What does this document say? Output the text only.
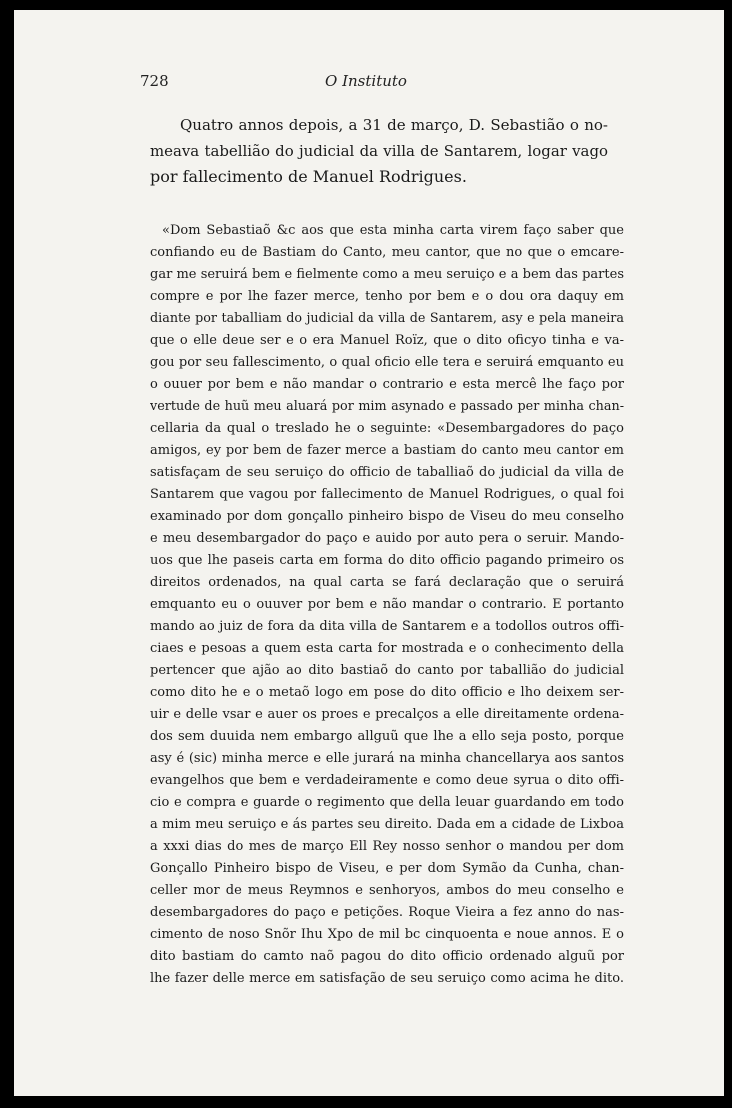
728	O Instituto

Quatro annos depois, a 31 de março, D. Sebastião o no-
meava tabellião do judicial da villa de Santarem, logar vago
por fallecimento de Manuel Rodrigues.

«Dom Sebastiaõ &c aos que esta minha carta virem faço saber que
confiando eu de Bastiam do Canto, meu cantor, que no que o emcare-
gar me seruirá bem e fielmente como a meu seruiço e a bem das partes
compre e por lhe fazer merce, tenho por bem e o dou ora daquy em
diante por taballiam do judicial da villa de Santarem, asy e pela maneira
que o elle deue ser e o era Manuel Roïz, que o dito oficyo tinha e va-
gou por seu fallescimento, o qual oficio elle tera e seruirá emquanto eu
o ouuer por bem e não mandar o contrario e esta mercê lhe faço por
vertude de huũ meu aluará por mim asynado e passado per minha chan-
cellaria da qual o treslado he o seguinte: «Desembargadores do paço
amigos, ey por bem de fazer merce a bastiam do canto meu cantor em
satisfaçam de seu seruiço do officio de taballiaõ do judicial da villa de
Santarem que vagou por fallecimento de Manuel Rodrigues, o qual foi
examinado por dom gonçallo pinheiro bispo de Viseu do meu conselho
e meu desembargador do paço e auido por auto pera o seruir. Mando-
uos que lhe paseis carta em forma do dito officio pagando primeiro os
direitos ordenados, na qual carta se fará declaração que o seruirá
emquanto eu o ouuver por bem e não mandar o contrario. E portanto
mando ao juiz de fora da dita villa de Santarem e a todollos outros offi-
ciaes e pesoas a quem esta carta for mostrada e o conhecimento della
pertencer que ajão ao dito bastiaõ do canto por taballião do judicial
como dito he e o metaõ logo em pose do dito officio e lho deixem ser-
uir e delle vsar e auer os proes e precalços a elle direitamente ordena-
dos sem duuida nem embargo allguũ que lhe a ello seja posto, porque
asy é (sic) minha merce e elle jurará na minha chancellarya aos santos
evangelhos que bem e verdadeiramente e como deue syrua o dito offi-
cio e compra e guarde o regimento que della leuar guardando em todo
a mim meu seruiço e ás partes seu direito. Dada em a cidade de Lixboa
a xxxi dias do mes de março Ell Rey nosso senhor o mandou per dom
Gonçallo Pinheiro bispo de Viseu, e per dom Symão da Cunha, chan-
celler mor de meus Reymnos e senhoryos, ambos do meu conselho e
desembargadores do paço e petições. Roque Vieira a fez anno do nas-
cimento de noso Snõr Ihu Xpo de mil bc cinquoenta e noue annos. E o
dito bastiam do camto naõ pagou do dito officio ordenado alguũ por
lhe fazer delle merce em satisfação de seu seruiço como acima he dito.
